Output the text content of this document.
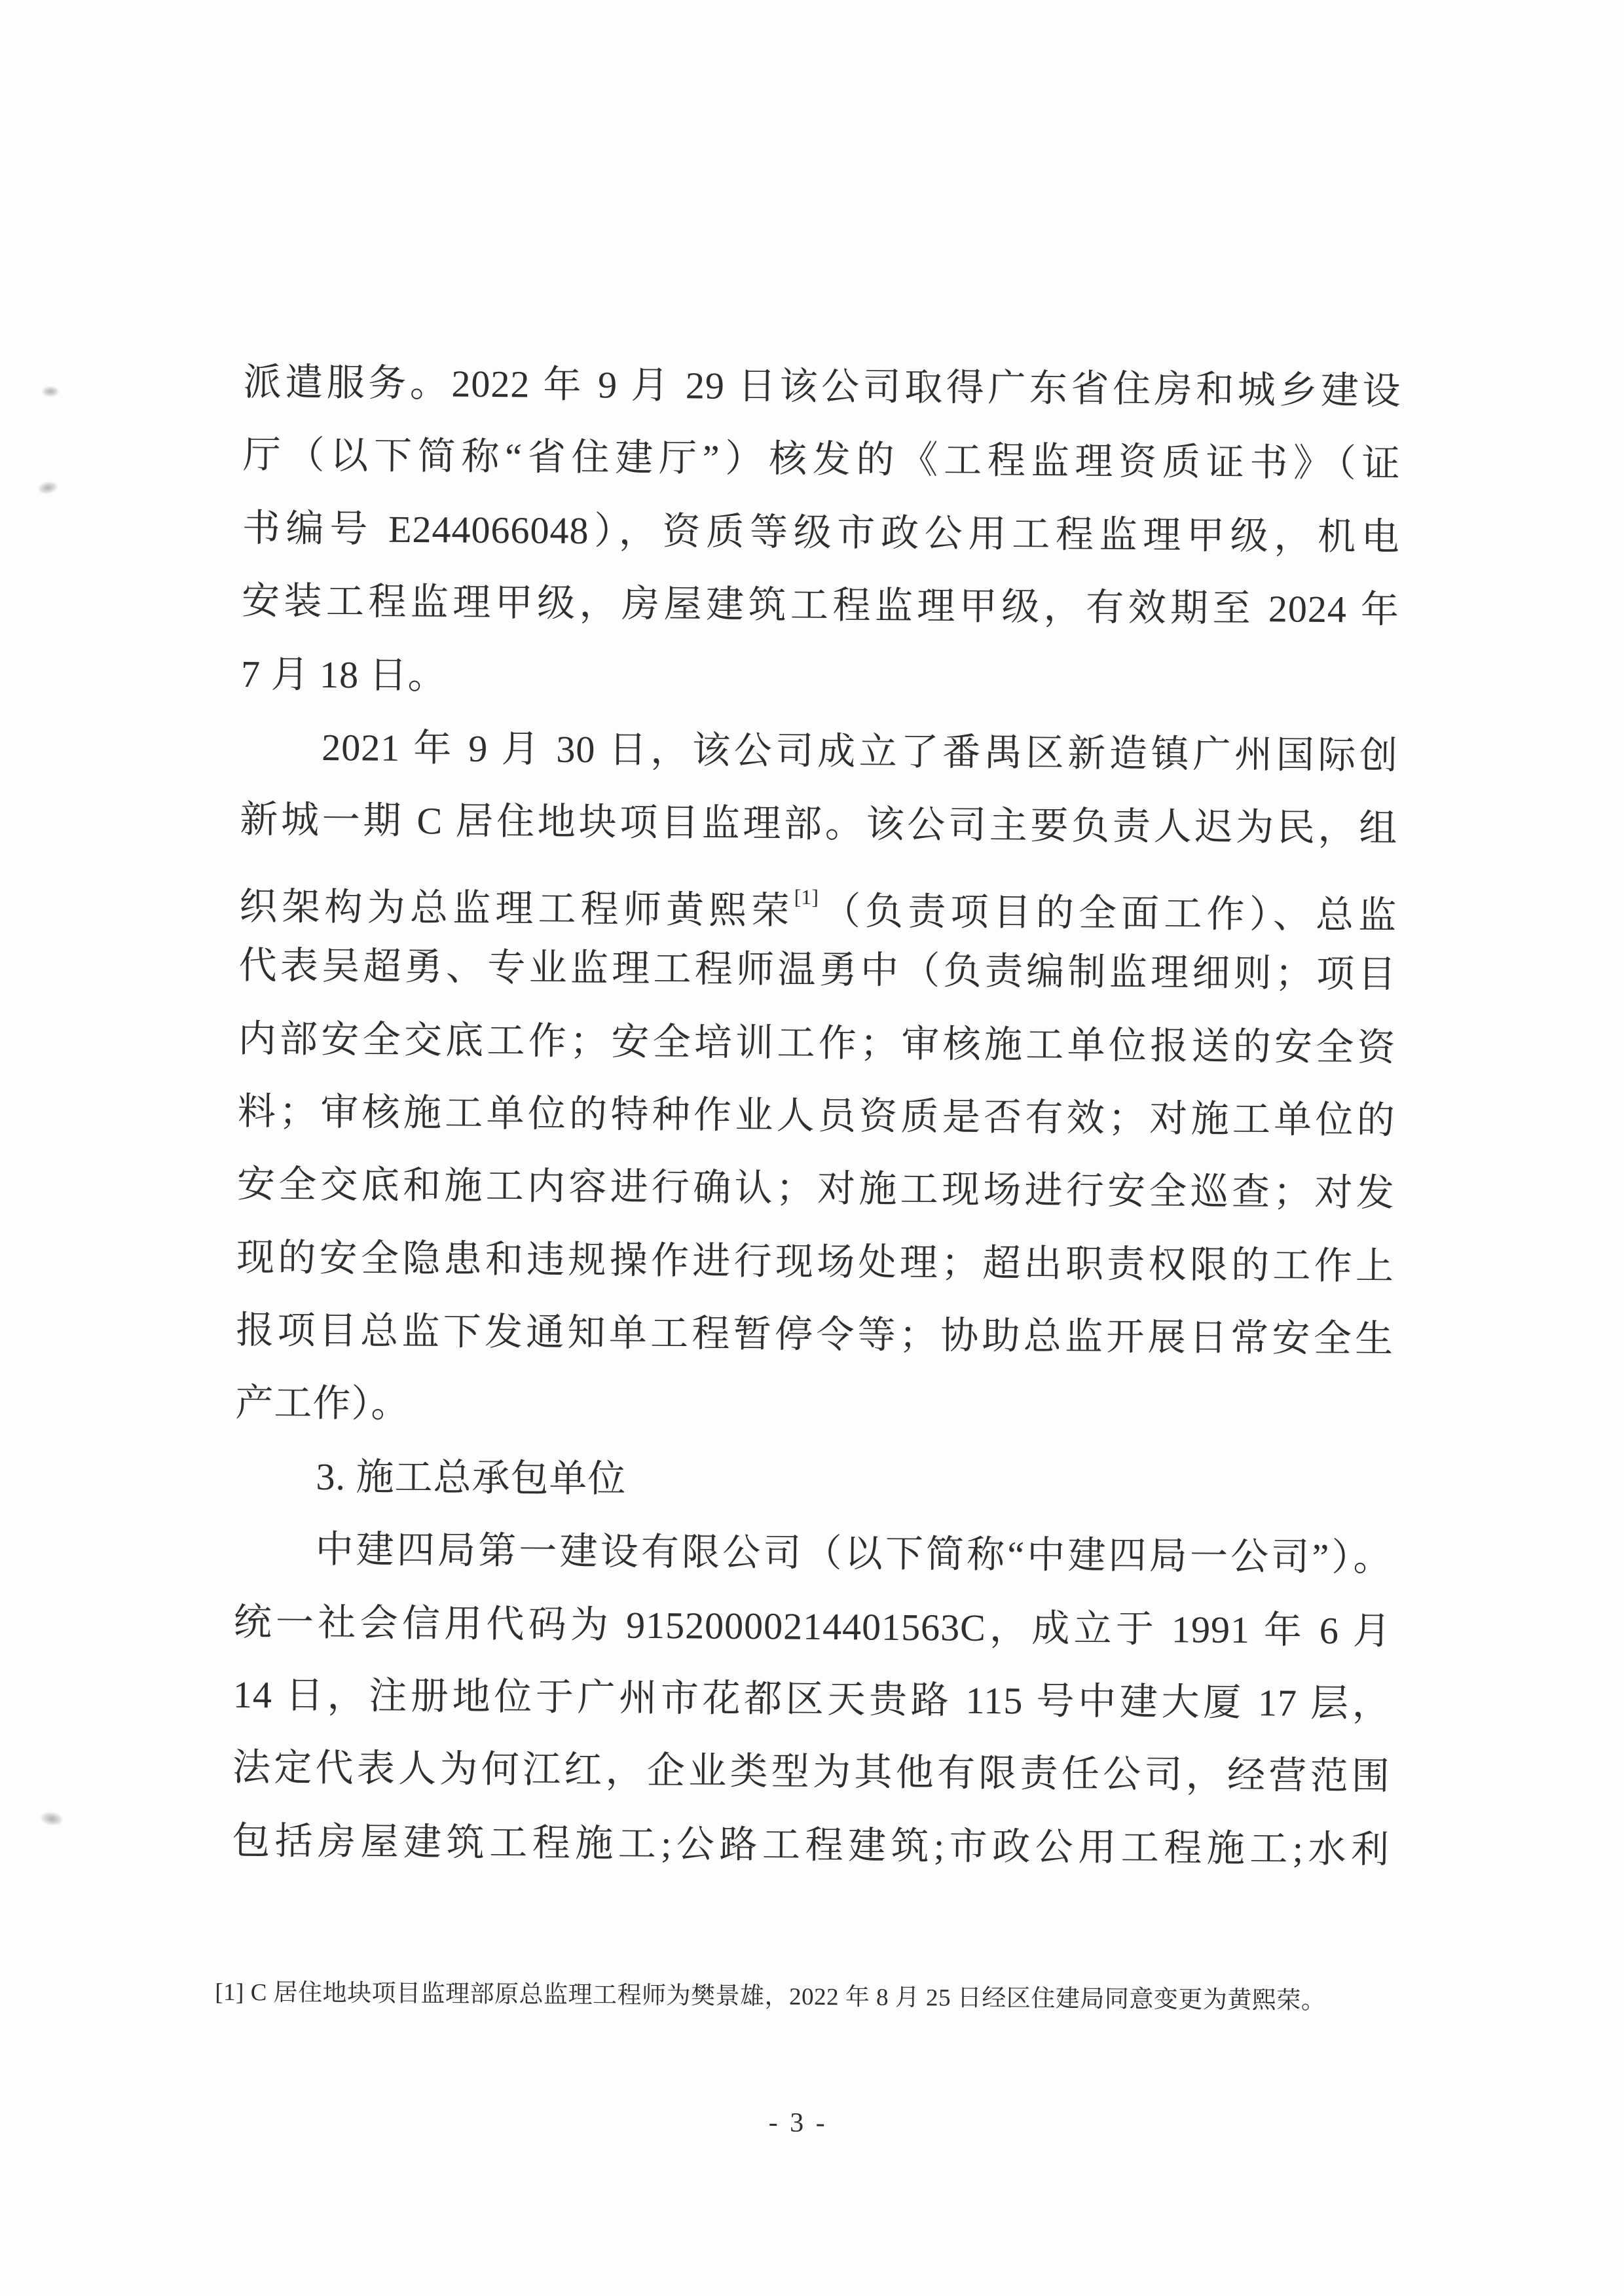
派遣服务。2022 年 9 月 29 日该公司取得广东省住房和城乡建设
厅（以下简称“省住建厅”）核发的《工程监理资质证书》（证
书编号 E244066048），资质等级市政公用工程监理甲级，机电
安装工程监理甲级，房屋建筑工程监理甲级，有效期至 2024 年
7 月 18 日。
2021 年 9 月 30 日，该公司成立了番禺区新造镇广州国际创
新城一期 C 居住地块项目监理部。该公司主要负责人迟为民，组
织架构为总监理工程师黄熙荣[1]（负责项目的全面工作）、总监
代表吴超勇、专业监理工程师温勇中（负责编制监理细则；项目
内部安全交底工作；安全培训工作；审核施工单位报送的安全资
料；审核施工单位的特种作业人员资质是否有效；对施工单位的
安全交底和施工内容进行确认；对施工现场进行安全巡查；对发
现的安全隐患和违规操作进行现场处理；超出职责权限的工作上
报项目总监下发通知单工程暂停令等；协助总监开展日常安全生
产工作）。
3. 施工总承包单位
中建四局第一建设有限公司（以下简称“中建四局一公司”）。
统一社会信用代码为 91520000214401563C，成立于 1991 年 6 月
14 日，注册地位于广州市花都区天贵路 115 号中建大厦 17 层，
法定代表人为何江红，企业类型为其他有限责任公司，经营范围
包括房屋建筑工程施工;公路工程建筑;市政公用工程施工;水利
[1] C 居住地块项目监理部原总监理工程师为樊景雄，2022 年 8 月 25 日经区住建局同意变更为黄熙荣。
- 3 -
